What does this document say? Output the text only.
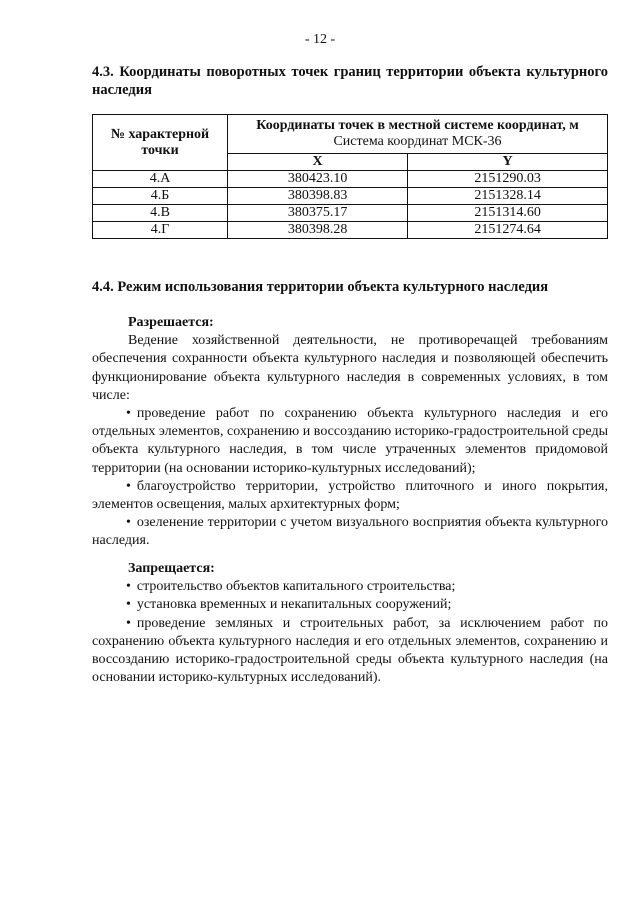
- 12 -
4.3. Координаты поворотных точек границ территории объекта культурного наследия
№ характерной точки	Координаты точек в местной системе координат, м
Система координат МСК-36	

	X	Y
4.А	380423.10	2151290.03
4.Б	380398.83	2151328.14
4.В	380375.17	2151314.60
4.Г	380398.28	2151274.64
4.4. Режим использования территории объекта культурного наследия

Разрешается:

Ведение хозяйственной деятельности, не противоречащей требованиям обеспечения сохранности объекта культурного наследия и позволяющей обеспечить функционирование объекта культурного наследия в современных условиях, в том числе:

• проведение работ по сохранению объекта культурного наследия и его отдельных элементов, сохранению и воссозданию историко-градостроительной среды объекта культурного наследия, в том числе утраченных элементов придомовой территории (на основании историко-культурных исследований);

• благоустройство территории, устройство плиточного и иного покрытия, элементов освещения, малых архитектурных форм;

• озеленение территории с учетом визуального восприятия объекта культурного наследия.

Запрещается:

• строительство объектов капитального строительства;

• установка временных и некапитальных сооружений;

• проведение земляных и строительных работ, за исключением работ по сохранению объекта культурного наследия и его отдельных элементов, сохранению и воссозданию историко-градостроительной среды объекта культурного наследия (на основании историко-культурных исследований).
